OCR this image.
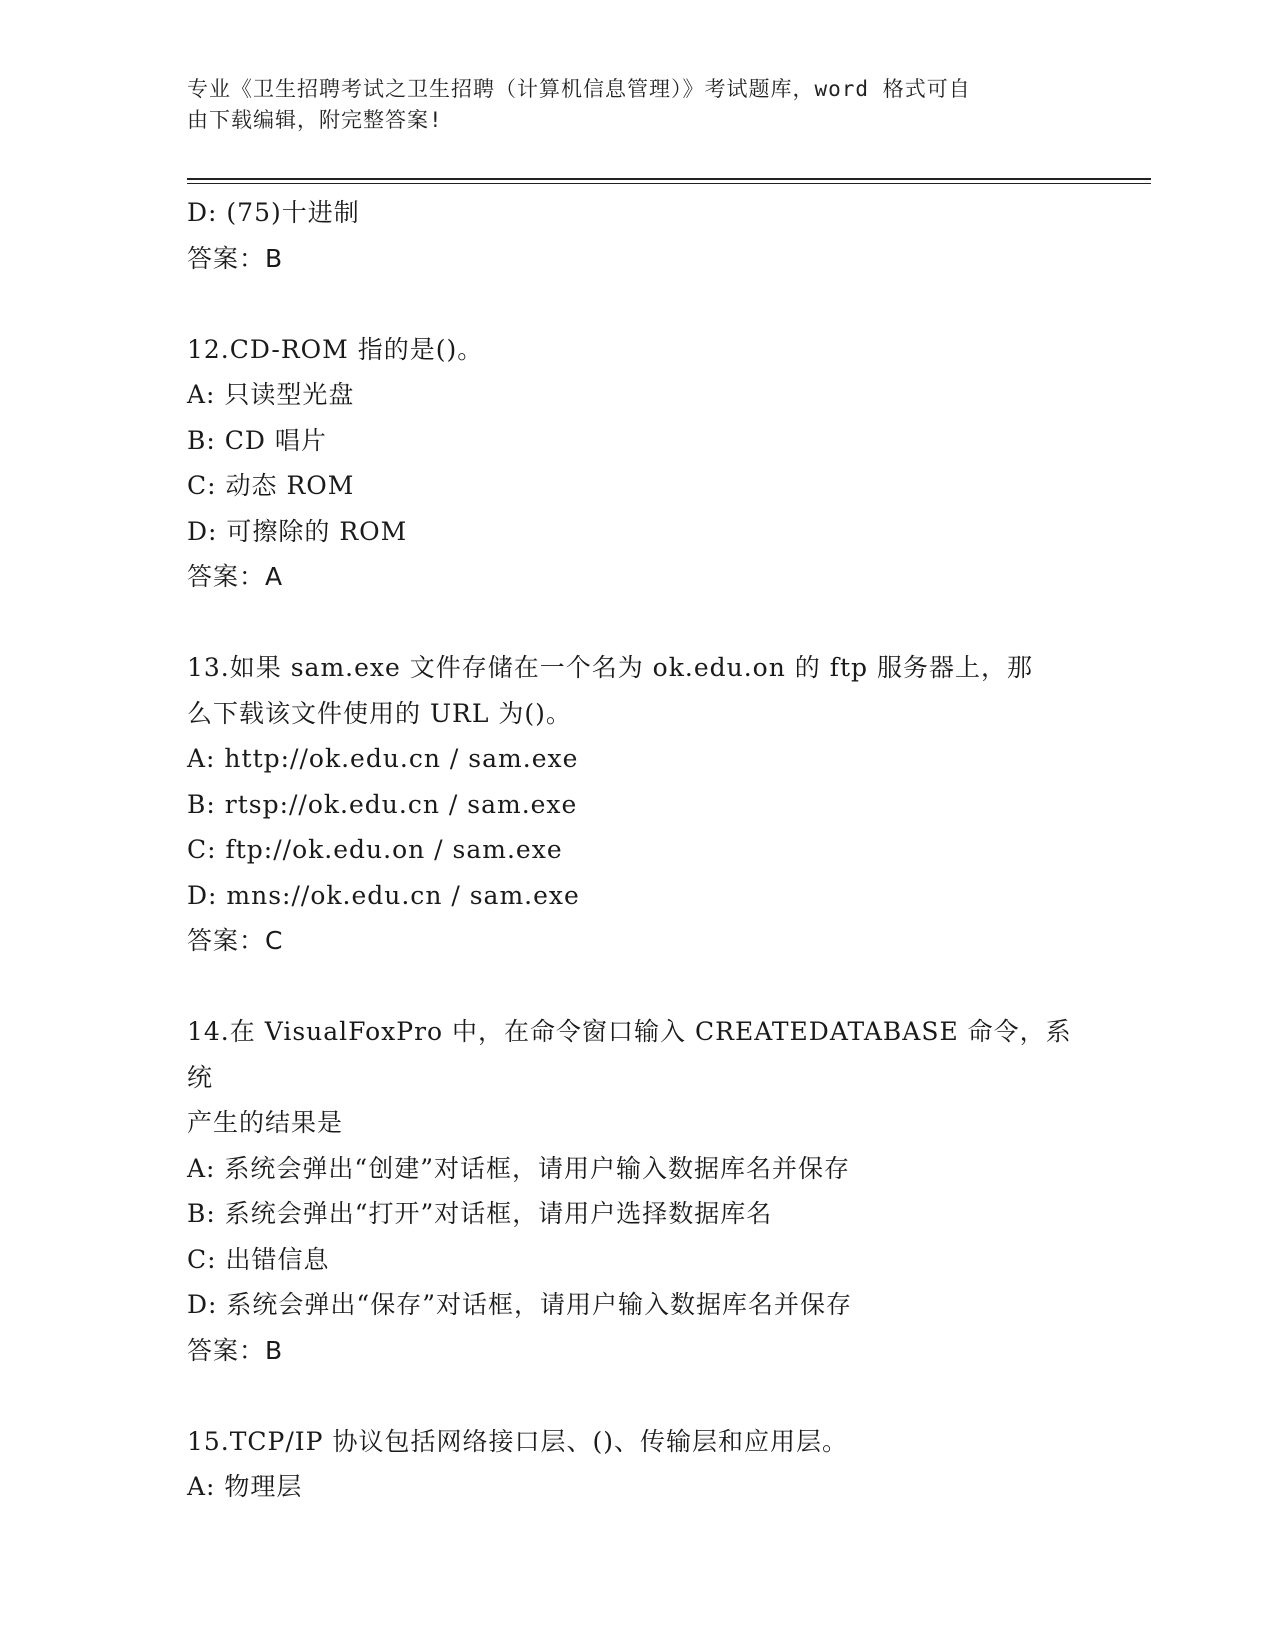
专业《卫生招聘考试之卫生招聘（计算机信息管理）》考试题库，word 格式可自
由下载编辑，附完整答案!

D: (75)十进制

答案：B

12.CD-ROM 指的是()。

A: 只读型光盘

B: CD 唱片

C: 动态 ROM

D: 可擦除的 ROM

答案：A

13.如果 sam.exe 文件存储在一个名为 ok.edu.on 的 ftp 服务器上，那

么下载该文件使用的 URL 为()。

A: http://ok.edu.cn / sam.exe

B: rtsp://ok.edu.cn / sam.exe

C: ftp://ok.edu.on / sam.exe

D: mns://ok.edu.cn / sam.exe

答案：C

14.在 VisualFoxPro 中，在命令窗口输入 CREATEDATABASE 命令，系统

产生的结果是

A: 系统会弹出“创建”对话框，请用户输入数据库名并保存

B: 系统会弹出“打开”对话框，请用户选择数据库名

C: 出错信息

D: 系统会弹出“保存”对话框，请用户输入数据库名并保存

答案：B

15.TCP/IP 协议包括网络接口层、()、传输层和应用层。

A: 物理层
